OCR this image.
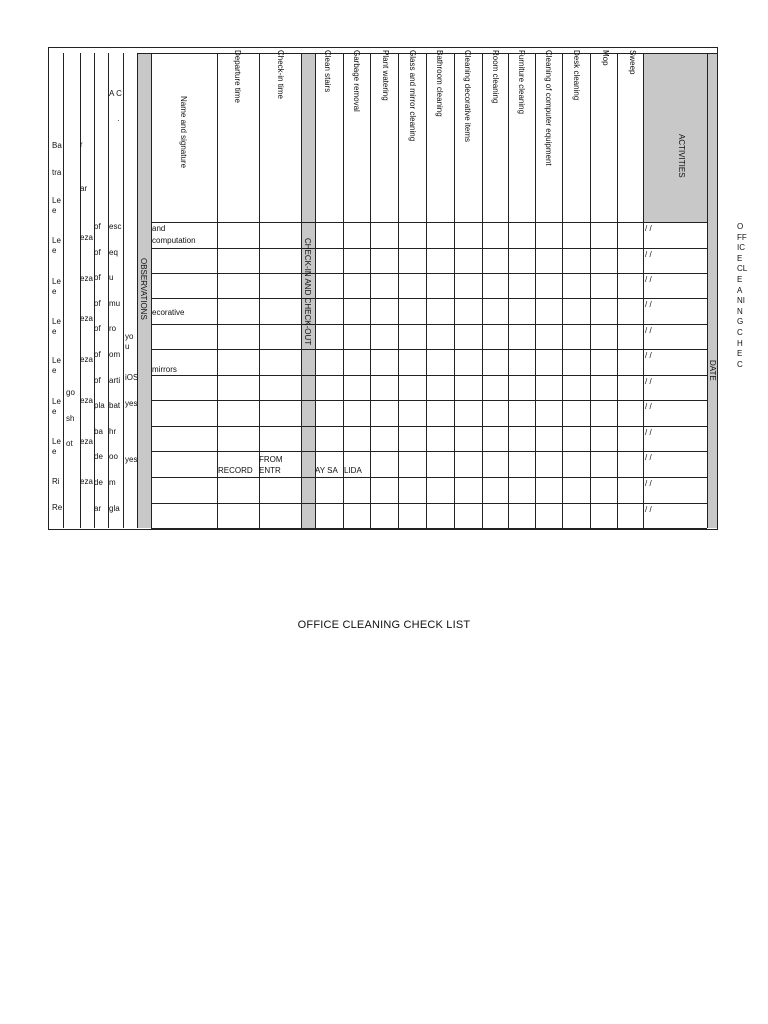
Sweep
Mop
Desk cleaning
Cleaning of computer equipment
Furniture cleaning
Room cleaning
Cleaning decorative items
Bathroom cleaning
Glass and mirror cleaning
Plant watering
Garbage removal
Clean stairs
Check-in time
Departure time
Name and signature	ACTIVITIES
DATE
CHECK-IN AND CHECK-OUT
OBSERVATIONS
A C
·
/ /
/ /
/ /
/ /
/ /
/ /
/ /
/ /
/ /
/ /
/ /
/ /
and
computation
ecorative
mirrors
RECORD
FROM
ENTR	AY SA LIDA
yo
u
iOS
yes
yes
esc
eq
u
mu
ro
om
arti
bat
hr
oo
m
gla
of
of
of
of
of
of
of
pla
ba
de
de
ar
r
ar
eza
eza
eza
eza
eza
eza
eza
go
sh
ot
Ba
tra
Le
e
Le
e
Le
e
Le
e
Le
e
Le
e
Le
e
Ri
Re
O
FF
IC
E
CL
E
A
NI
N
G
C
H
E
C
OFFICE CLEANING CHECK LIST
